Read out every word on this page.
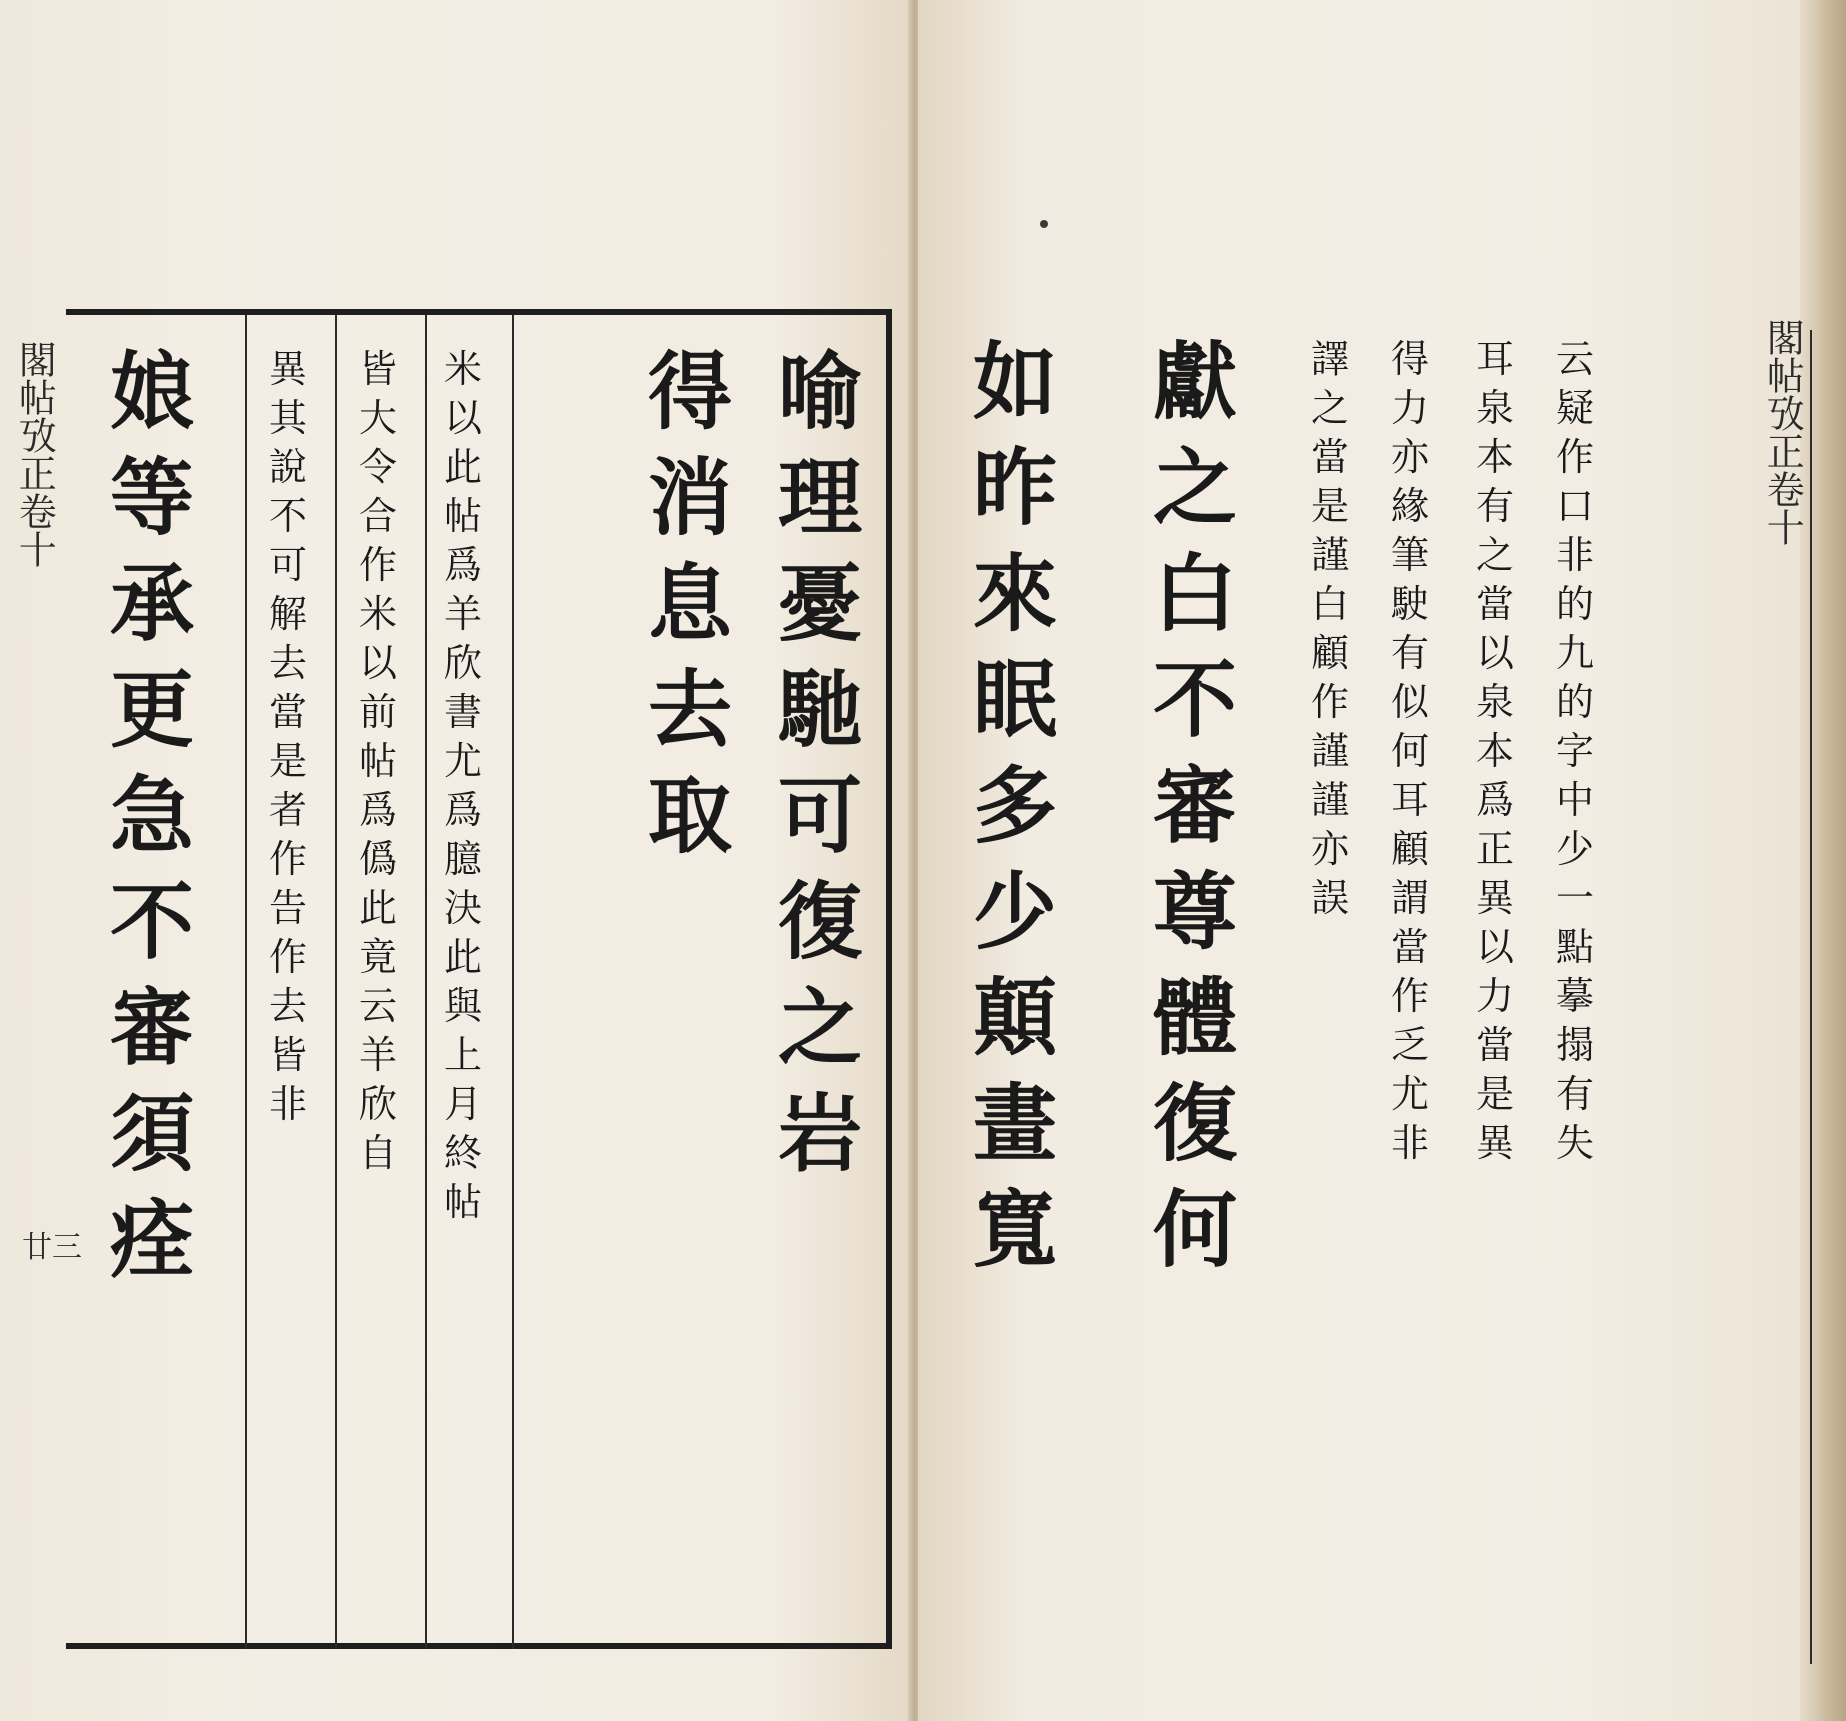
閣帖攷正卷十
廿三
喻
理
憂
馳
可
復
之
岩
得
消
息
去
取
米
以
此
帖
爲
羊
欣
書
尤
爲
臆
決
此
與
上
月
終
帖
皆
大
令
合
作
米
以
前
帖
爲
僞
此
竟
云
羊
欣
自
異
其
說
不
可
解
去
當
是
者
作
告
作
去
皆
非
娘
等
承
更
急
不
審
須
痊
云
疑
作
口
非
的
九
的
字
中
少
一
點
摹
搨
有
失
耳
泉
本
有
之
當
以
泉
本
爲
正
異
以
力
當
是
異
得
力
亦
緣
筆
駛
有
似
何
耳
顧
謂
當
作
乏
尤
非
譯
之
當
是
謹
白
顧
作
謹
謹
亦
誤
獻
之
白
不
審
尊
體
復
何
如
昨
來
眠
多
少
顛
畫
寬
閣帖攷正卷十
